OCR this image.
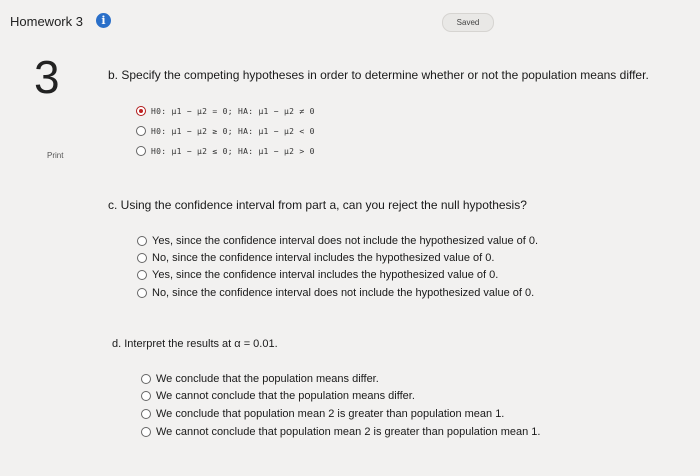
Homework 3	i	Saved
3
Print
b. Specify the competing hypotheses in order to determine whether or not the population means differ.
H0: μ1 − μ2 = 0; HA: μ1 − μ2 ≠ 0
H0: μ1 − μ2 ≥ 0; HA: μ1 − μ2 < 0
H0: μ1 − μ2 ≤ 0; HA: μ1 − μ2 > 0
c. Using the confidence interval from part a, can you reject the null hypothesis?
Yes, since the confidence interval does not include the hypothesized value of 0.
No, since the confidence interval includes the hypothesized value of 0.
Yes, since the confidence interval includes the hypothesized value of 0.
No, since the confidence interval does not include the hypothesized value of 0.
d. Interpret the results at α = 0.01.
We conclude that the population means differ.
We cannot conclude that the population means differ.
We conclude that population mean 2 is greater than population mean 1.
We cannot conclude that population mean 2 is greater than population mean 1.
